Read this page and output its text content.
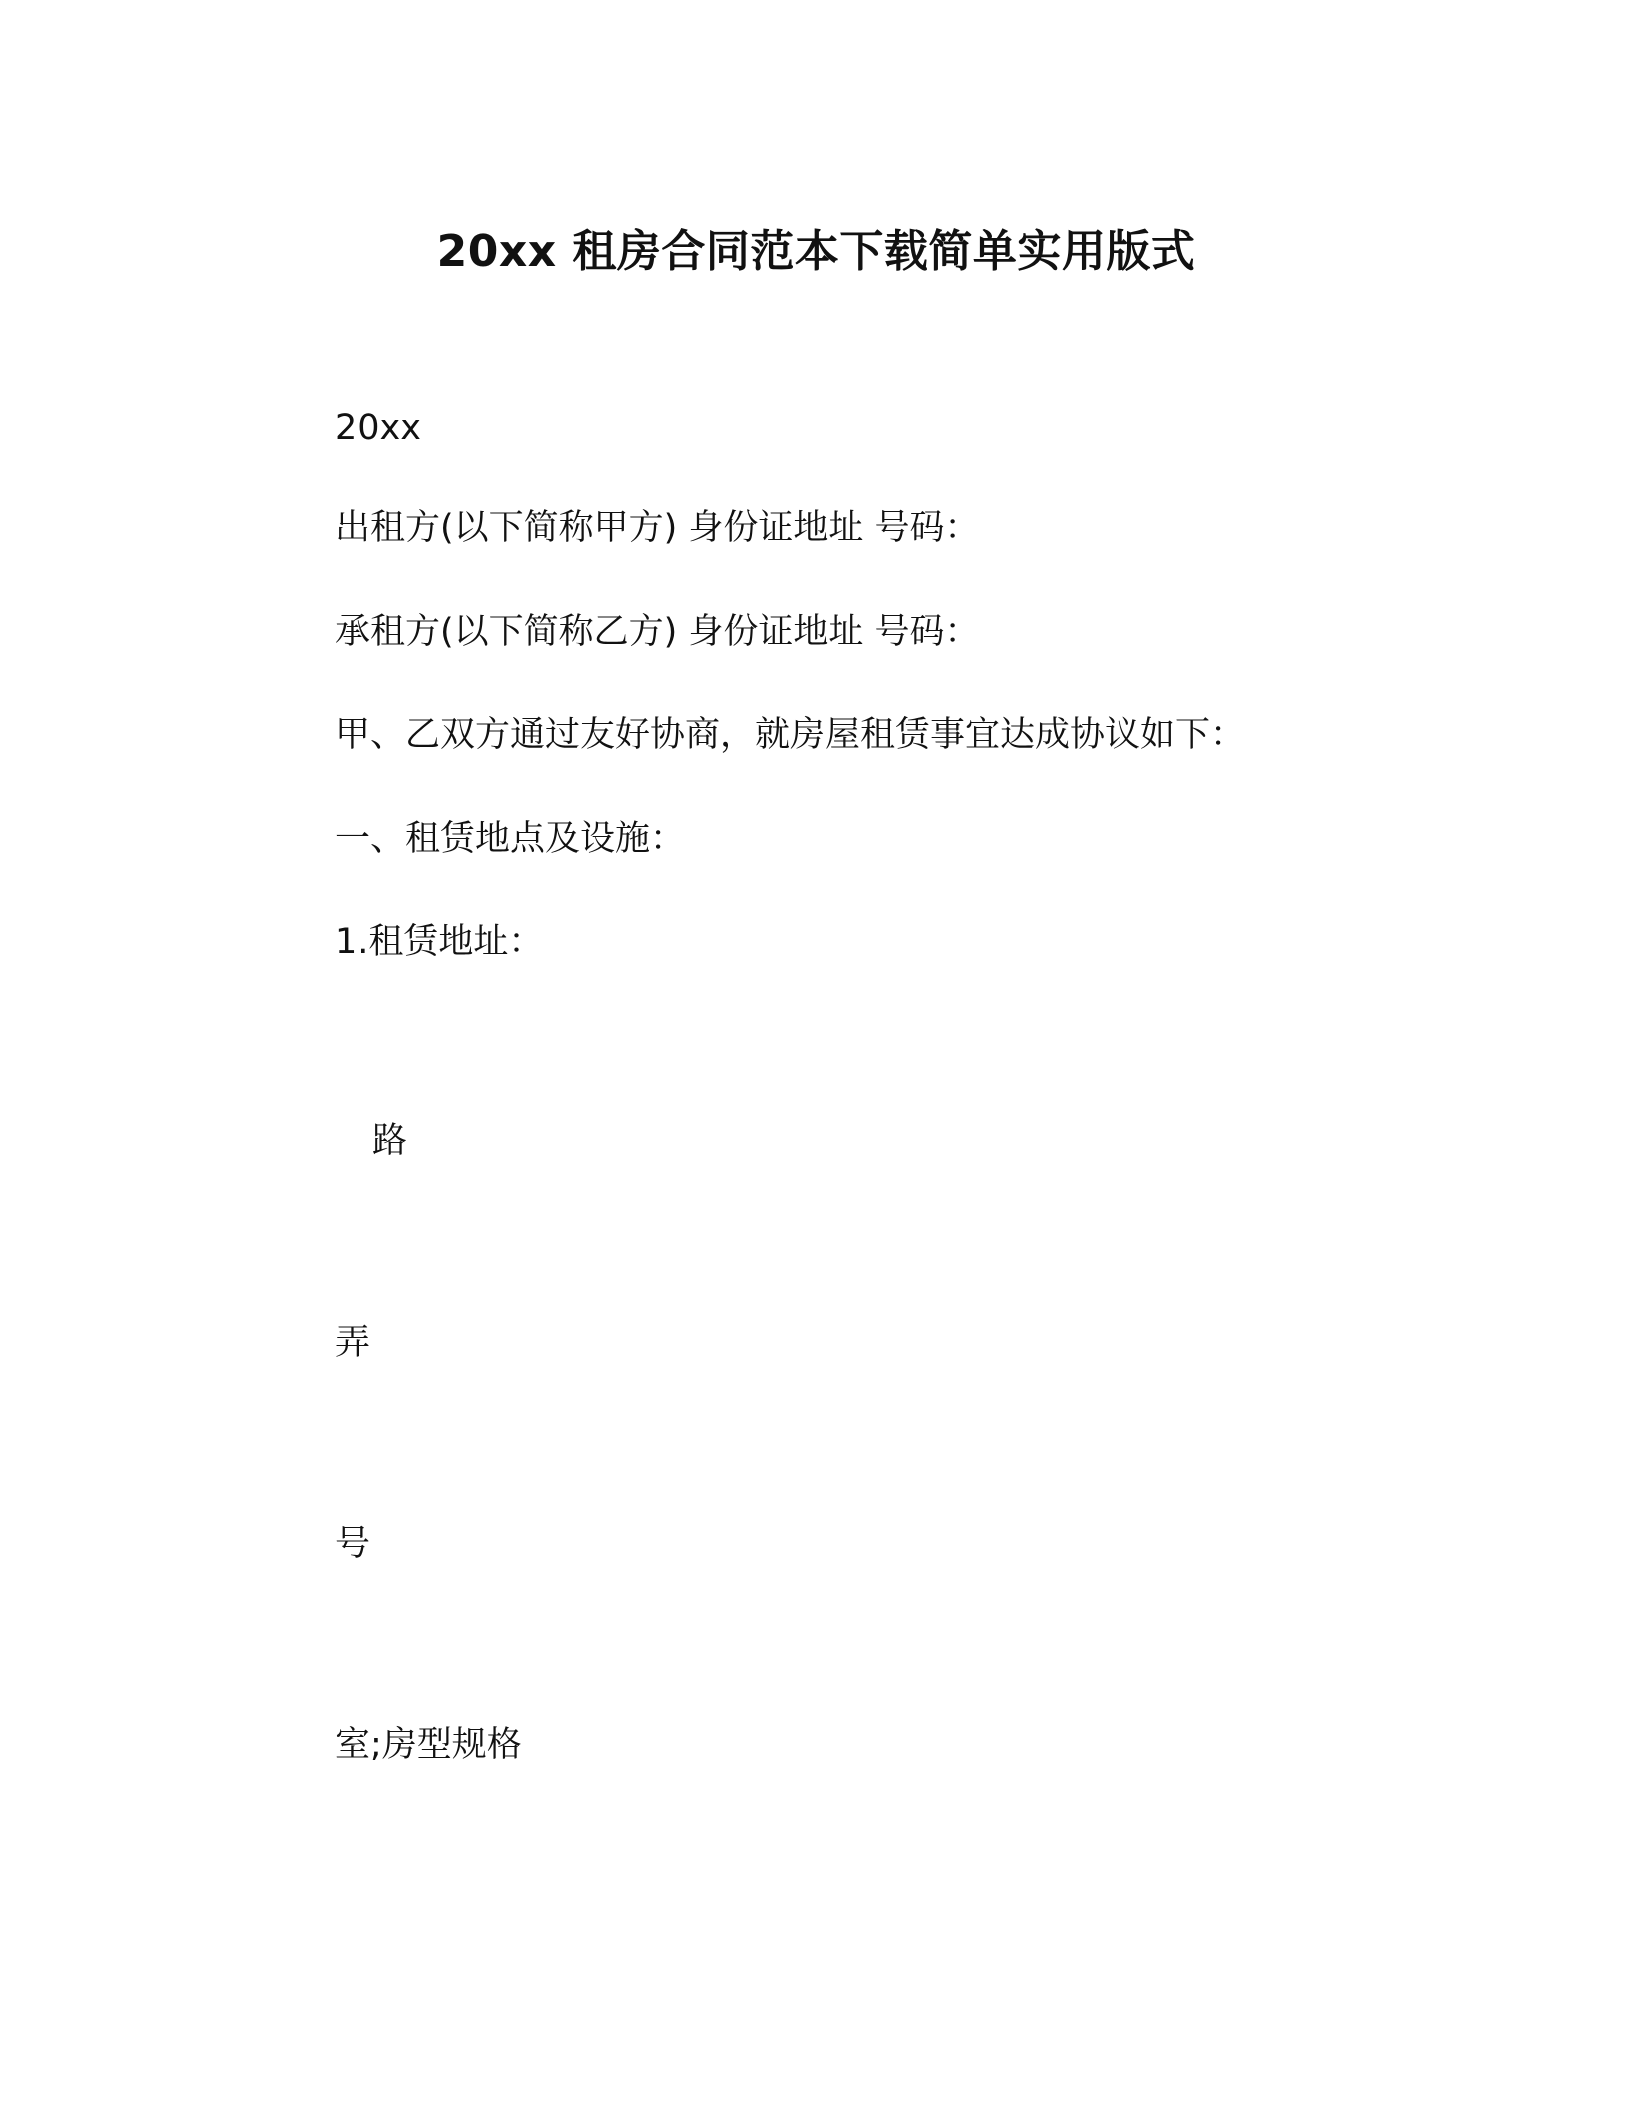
20xx 租房合同范本下载简单实用版式
20xx
出租方(以下简称甲方) 身份证地址 号码：
承租方(以下简称乙方) 身份证地址 号码：
甲、乙双方通过友好协商，就房屋租赁事宜达成协议如下：
一、租赁地点及设施：
1.租赁地址：
路
弄
号
室;房型规格
